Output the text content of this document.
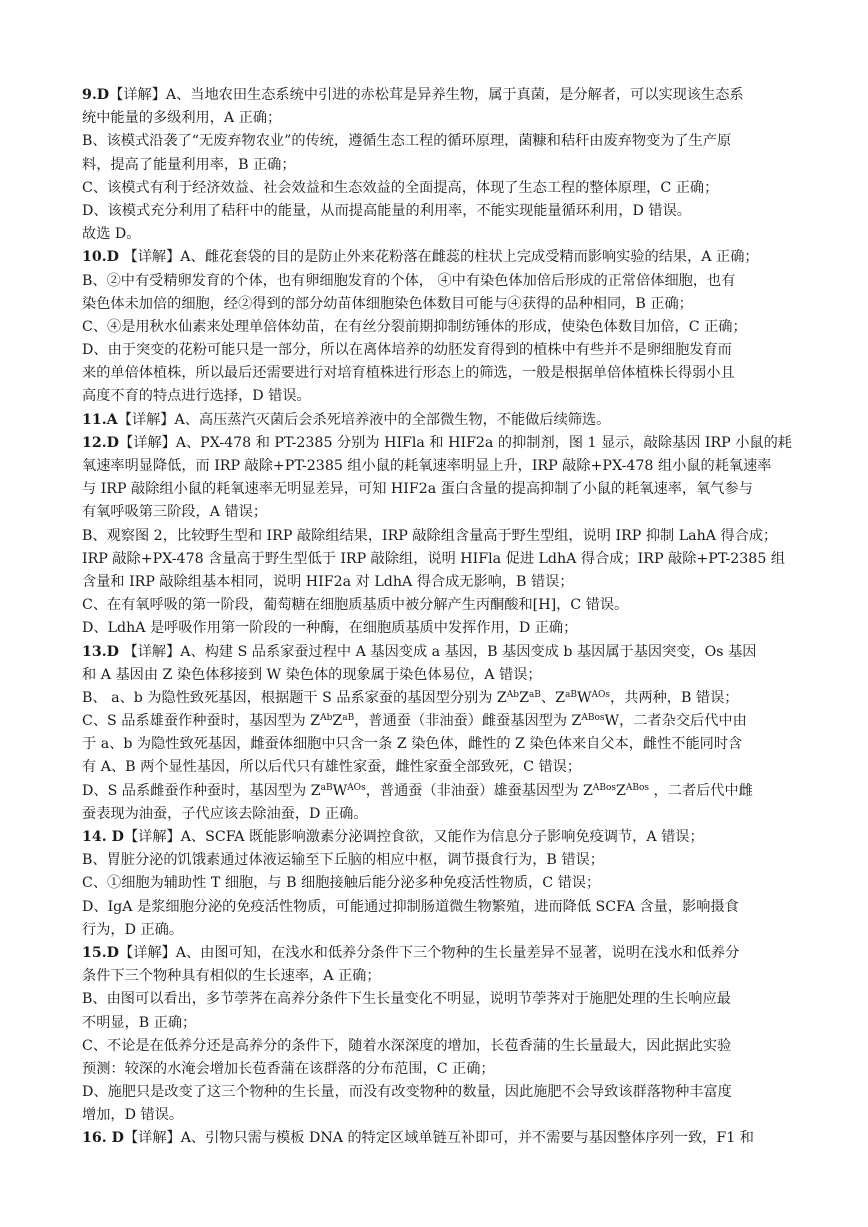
9.D【详解】A、当地农田生态系统中引进的赤松茸是异养生物，属于真菌，是分解者，可以实现该生态系
统中能量的多级利用，A 正确；
B、该模式沿袭了“无废弃物农业”的传统，遵循生态工程的循环原理，菌糠和秸秆由废弃物变为了生产原
料，提高了能量利用率，B 正确；
C、该模式有利于经济效益、社会效益和生态效益的全面提高，体现了生态工程的整体原理，C 正确；
D、该模式充分利用了秸秆中的能量，从而提高能量的利用率，不能实现能量循环利用，D 错误。
故选 D。
10.D 【详解】A、雌花套袋的目的是防止外来花粉落在雌蕊的柱状上完成受精而影响实验的结果，A 正确；
B、②中有受精卵发育的个体，也有卵细胞发育的个体， ④中有染色体加倍后形成的正常倍体细胞，也有
染色体未加倍的细胞，经②得到的部分幼苗体细胞染色体数目可能与④获得的品种相同，B 正确；
C、④是用秋水仙素来处理单倍体幼苗，在有丝分裂前期抑制纺锤体的形成，使染色体数目加倍，C 正确；
D、由于突变的花粉可能只是一部分，所以在离体培养的幼胚发育得到的植株中有些并不是卵细胞发育而
来的单倍体植株，所以最后还需要进行对培育植株进行形态上的筛选，一般是根据单倍体植株长得弱小且
高度不育的特点进行选择，D 错误。
11.A【详解】A、高压蒸汽灭菌后会杀死培养液中的全部微生物，不能做后续筛选。
12.D【详解】A、PX-478 和 PT-2385 分别为 HIFla 和 HIF2a 的抑制剂，图 1 显示，敲除基因 IRP 小鼠的耗
氧速率明显降低，而 IRP 敲除+PT-2385 组小鼠的耗氧速率明显上升，IRP 敲除+PX-478 组小鼠的耗氧速率
与 IRP 敲除组小鼠的耗氧速率无明显差异，可知 HIF2a 蛋白含量的提高抑制了小鼠的耗氧速率，氧气参与
有氧呼吸第三阶段，A 错误；
B、观察图 2，比较野生型和 IRP 敲除组结果，IRP 敲除组含量高于野生型组，说明 IRP 抑制 LahA 得合成；
IRP 敲除+PX-478 含量高于野生型低于 IRP 敲除组，说明 HIFla 促进 LdhA 得合成；IRP 敲除+PT-2385 组
含量和 IRP 敲除组基本相同，说明 HIF2a 对 LdhA 得合成无影响，B 错误；
C、在有氧呼吸的第一阶段，葡萄糖在细胞质基质中被分解产生丙酮酸和[H]，C 错误。
D、LdhA 是呼吸作用第一阶段的一种酶，在细胞质基质中发挥作用，D 正确；
13.D 【详解】A、构建 S 品系家蚕过程中 A 基因变成 a 基因，B 基因变成 b 基因属于基因突变，Os 基因
和 A 基因由 Z 染色体移接到 W 染色体的现象属于染色体易位，A 错误；
B、 a、b 为隐性致死基因，根据题干 S 品系家蚕的基因型分别为 $Z^{Ab}Z^{aB}$、$Z^{aB}W^{AOs}$，共两种，B 错误；
C、S 品系雄蚕作种蚕时，基因型为 $Z^{Ab}Z^{aB}$，普通蚕（非油蚕）雌蚕基因型为 $Z^{ABos}W$，二者杂交后代中由
于 a、b 为隐性致死基因，雌蚕体细胞中只含一条 Z 染色体，雌性的 Z 染色体来自父本，雌性不能同时含
有 A、B 两个显性基因，所以后代只有雄性家蚕，雌性家蚕全部致死，C 错误；
D、S 品系雌蚕作种蚕时，基因型为 $Z^{aB}W^{AOs}$，普通蚕（非油蚕）雄蚕基因型为 $Z^{ABos}Z^{ABos}$ ，二者后代中雌
蚕表现为油蚕，子代应该去除油蚕，D 正确。
14. D【详解】A、SCFA 既能影响激素分泌调控食欲，又能作为信息分子影响免疫调节，A 错误；
B、胃脏分泌的饥饿素通过体液运输至下丘脑的相应中枢，调节摄食行为，B 错误；
C、①细胞为辅助性 T 细胞，与 B 细胞接触后能分泌多种免疫活性物质，C 错误；
D、IgA 是浆细胞分泌的免疫活性物质，可能通过抑制肠道微生物繁殖，进而降低 SCFA 含量，影响摄食
行为，D 正确。
15.D【详解】A、由图可知，在浅水和低养分条件下三个物种的生长量差异不显著，说明在浅水和低养分
条件下三个物种具有相似的生长速率，A 正确；
B、由图可以看出，多节荸荠在高养分条件下生长量变化不明显，说明节荸荠对于施肥处理的生长响应最
不明显，B 正确；
C、不论是在低养分还是高养分的条件下，随着水深深度的增加，长苞香蒲的生长量最大，因此据此实验
预测：较深的水淹会增加长苞香蒲在该群落的分布范围，C 正确；
D、施肥只是改变了这三个物种的生长量，而没有改变物种的数量，因此施肥不会导致该群落物种丰富度
增加，D 错误。
16. D【详解】A、引物只需与模板 DNA 的特定区域单链互补即可，并不需要与基因整体序列一致，F1 和
